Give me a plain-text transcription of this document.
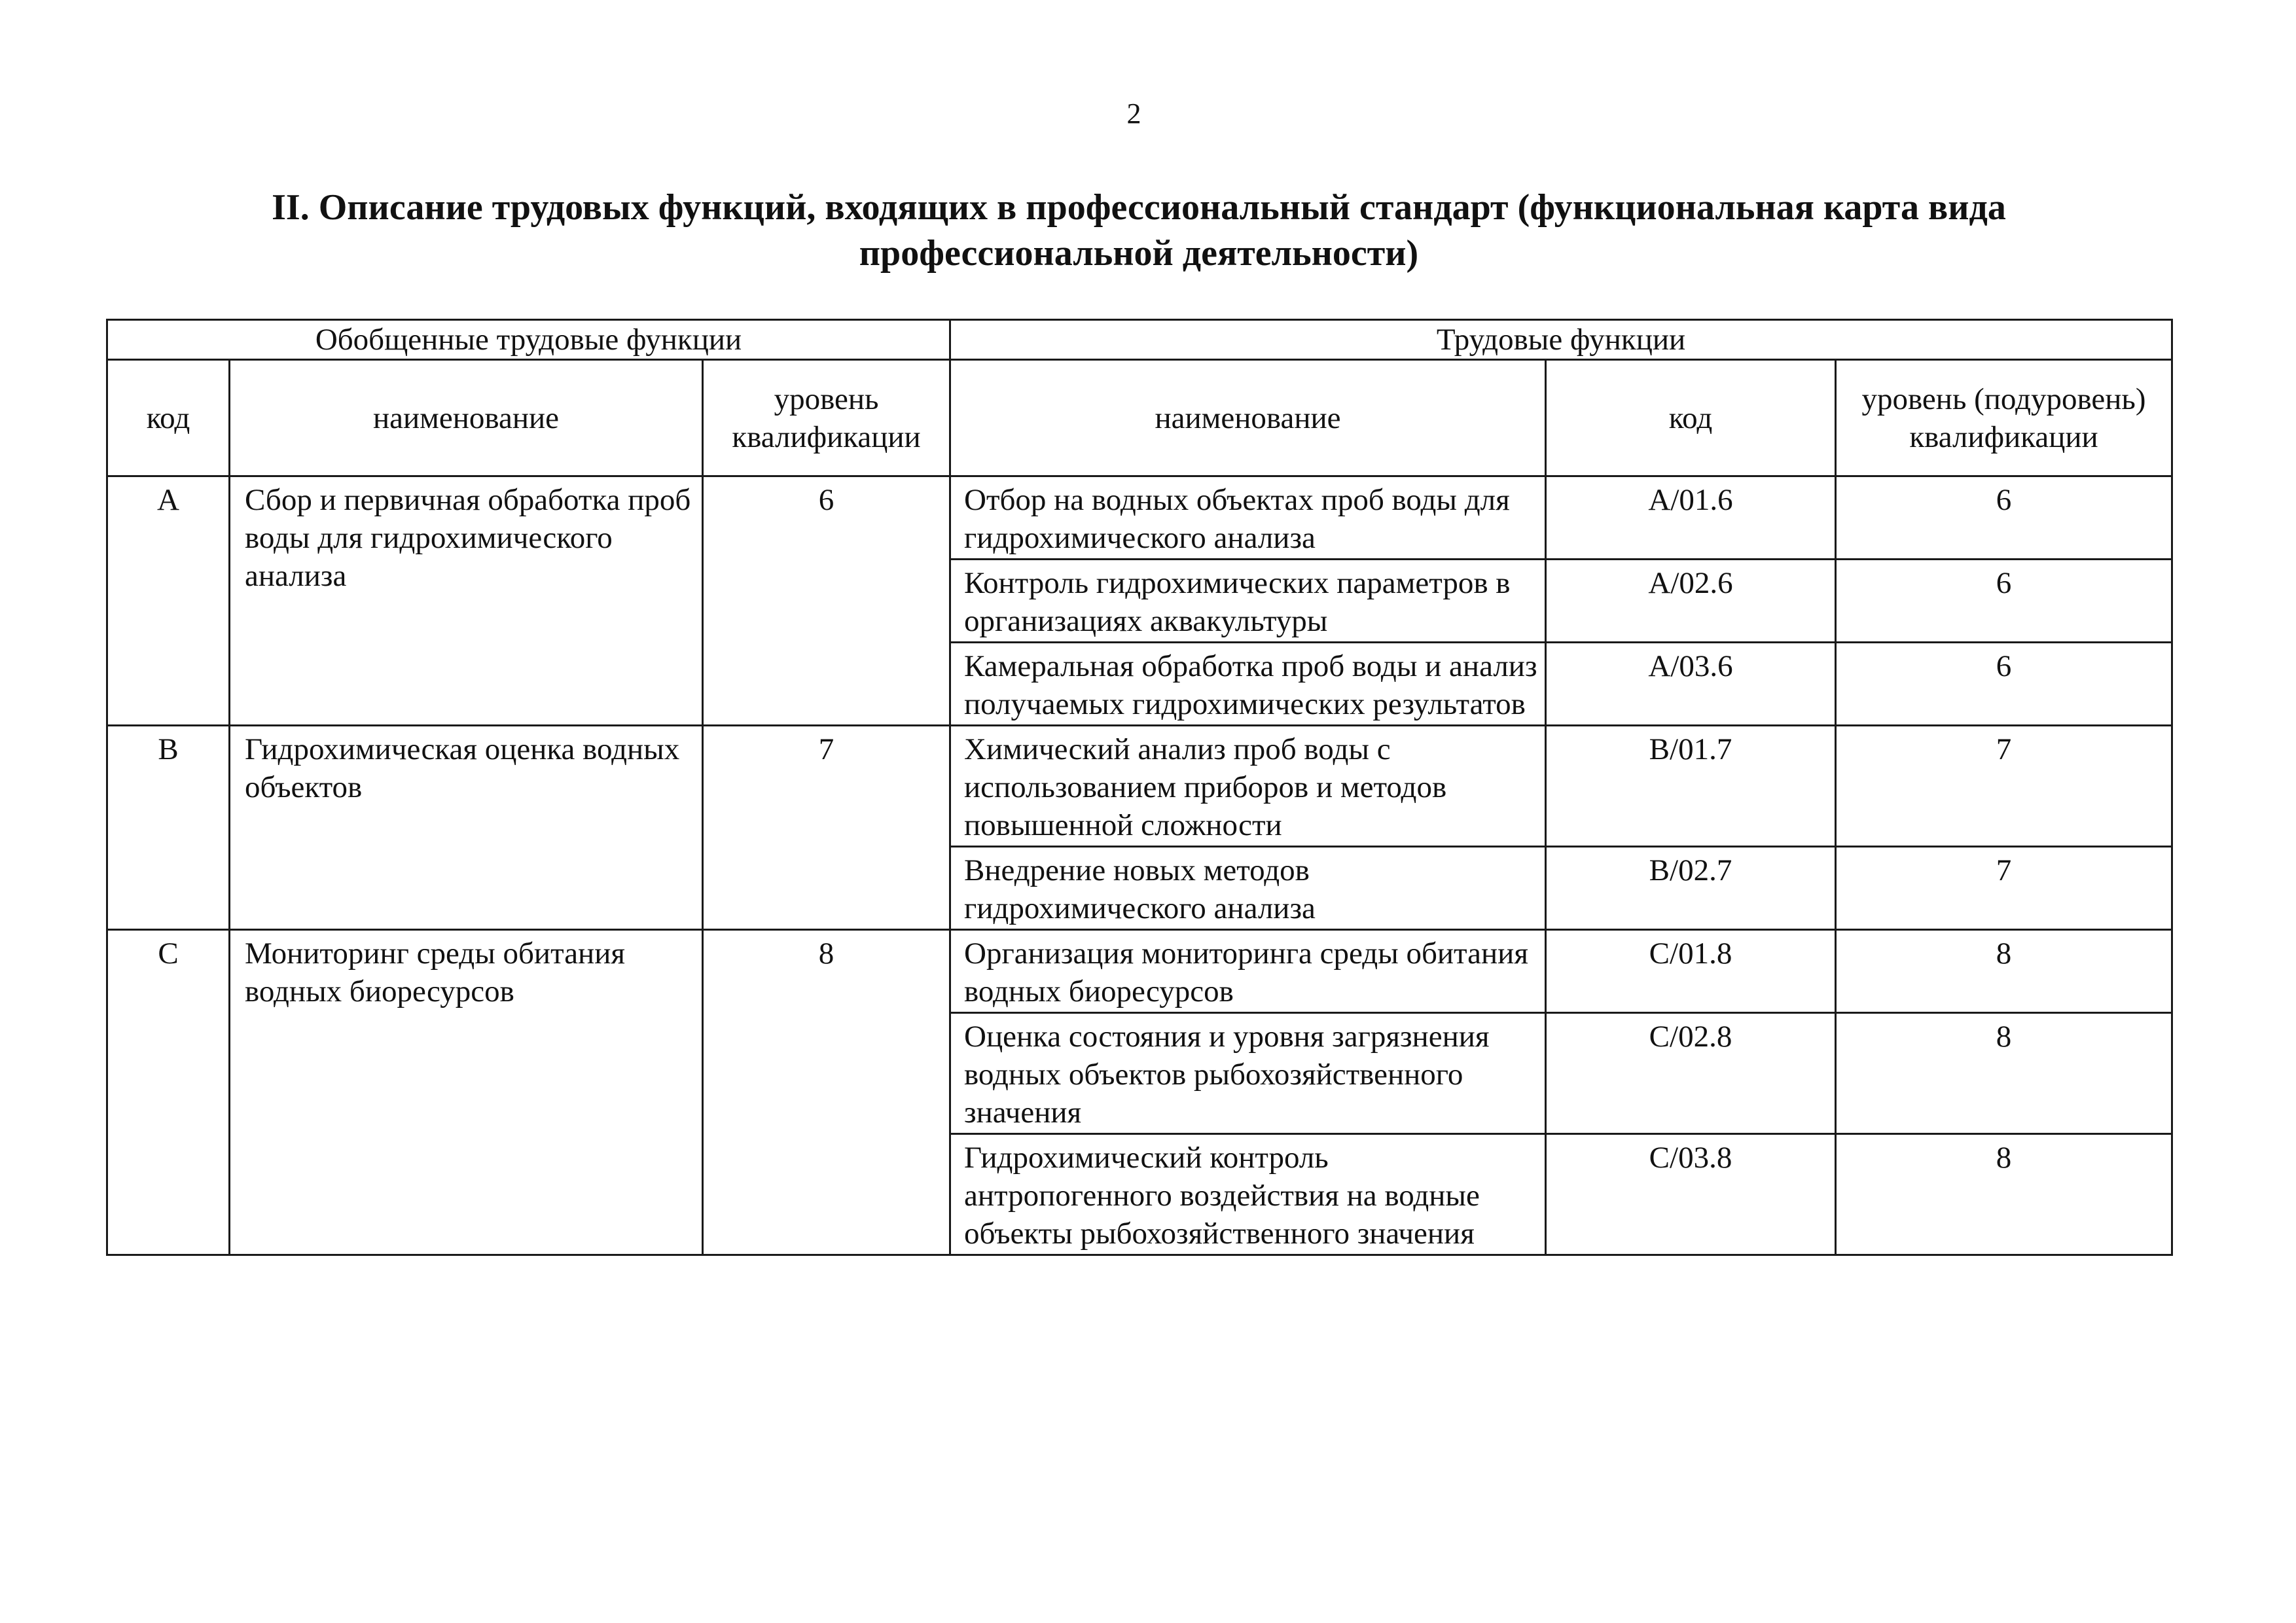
2
II. Описание трудовых функций, входящих в профессиональный стандарт (функциональная карта вида
профессиональной деятельности)
Обобщенные трудовые функции			Трудовые функции		
код	наименование	уровень квалификации	наименование	код	уровень (подуровень) квалификации
A	Сбор и первичная обработка проб воды для гидрохимического анализа	6	Отбор на водных объектах проб воды для гидрохимического анализа	A/01.6	6
			Контроль гидрохимических параметров в организациях аквакультуры	A/02.6	6
			Камеральная обработка проб воды и анализ получаемых гидрохимических результатов	A/03.6	6
B	Гидрохимическая оценка водных объектов	7	Химический анализ проб воды с использованием приборов и методов повышенной сложности	B/01.7	7
			Внедрение новых методов гидрохимического анализа	B/02.7	7
C	Мониторинг среды обитания водных биоресурсов	8	Организация мониторинга среды обитания водных биоресурсов	C/01.8	8
			Оценка состояния и уровня загрязнения водных объектов рыбохозяйственного значения	C/02.8	8
			Гидрохимический контроль антропогенного воздействия на водные объекты рыбохозяйственного значения	C/03.8	8
